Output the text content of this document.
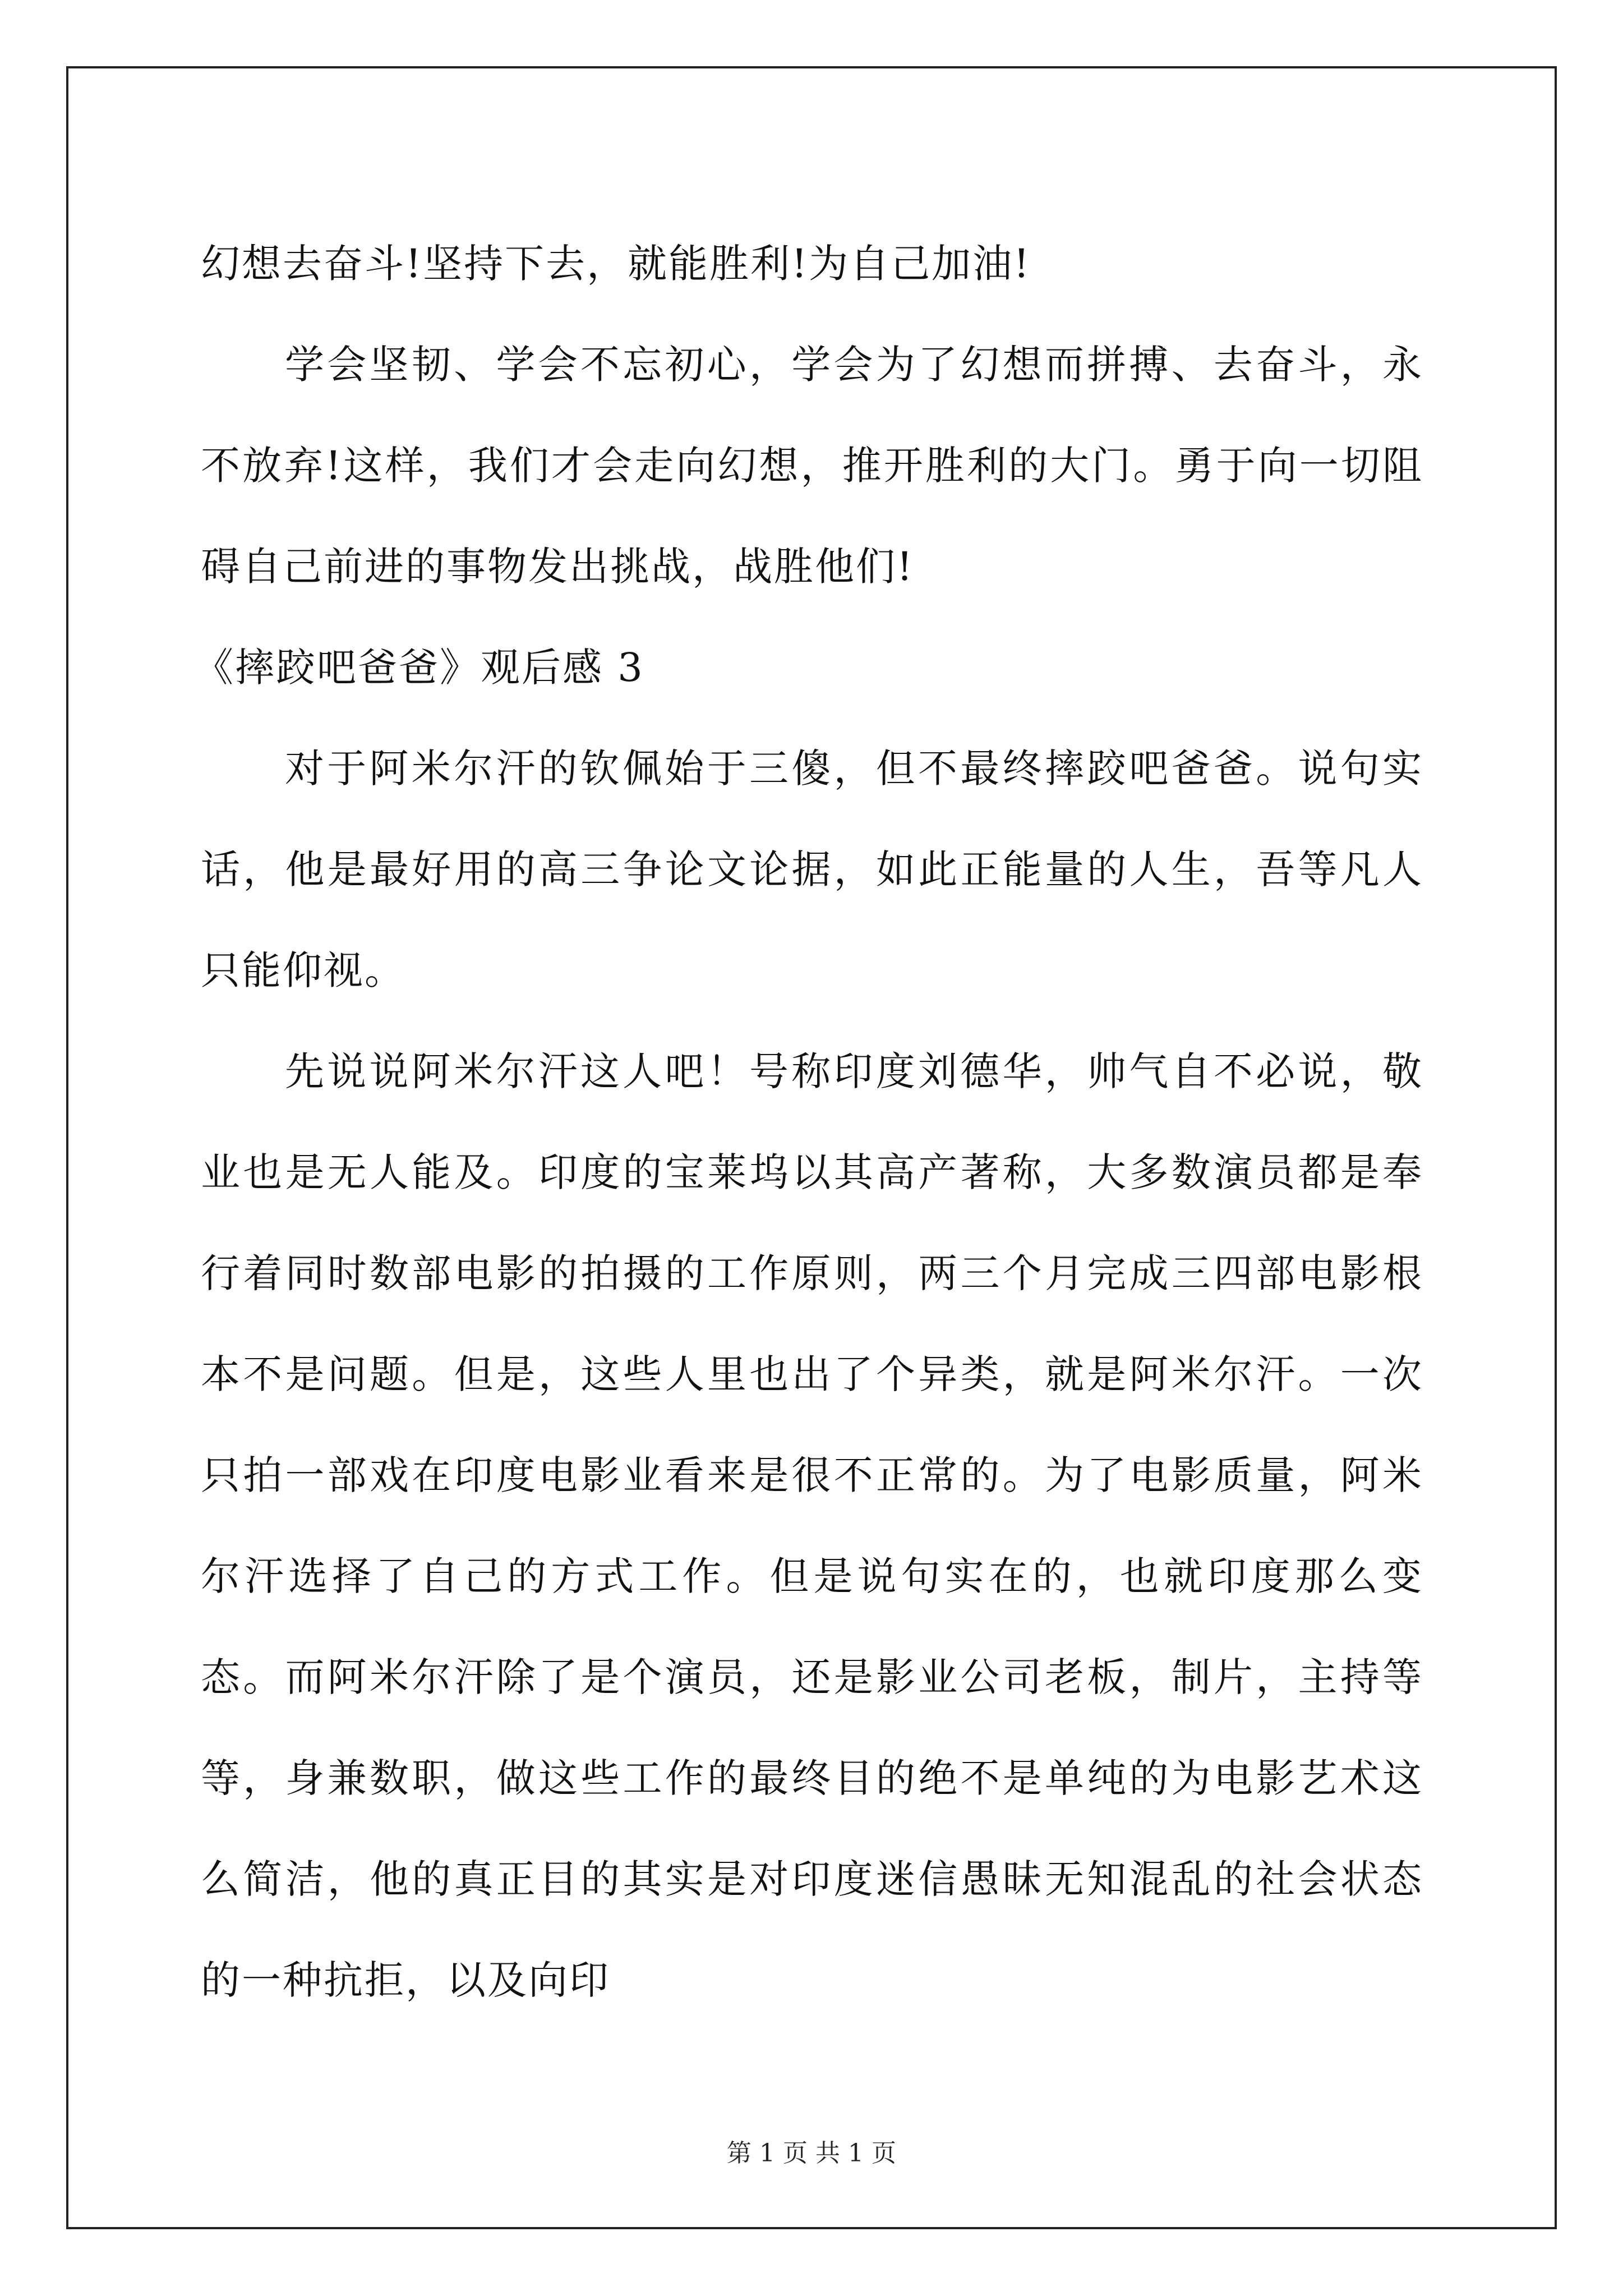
幻想去奋斗!坚持下去，就能胜利!为自己加油!

学会坚韧、学会不忘初心，学会为了幻想而拼搏、去奋斗，永不放弃!这样，我们才会走向幻想，推开胜利的大门。勇于向一切阻碍自己前进的事物发出挑战，战胜他们!

《摔跤吧爸爸》观后感 3

对于阿米尔汗的钦佩始于三傻，但不最终摔跤吧爸爸。说句实话，他是最好用的高三争论文论据，如此正能量的人生，吾等凡人只能仰视。

先说说阿米尔汗这人吧！号称印度刘德华，帅气自不必说，敬业也是无人能及。印度的宝莱坞以其高产著称，大多数演员都是奉行着同时数部电影的拍摄的工作原则，两三个月完成三四部电影根本不是问题。但是，这些人里也出了个异类，就是阿米尔汗。一次只拍一部戏在印度电影业看来是很不正常的。为了电影质量，阿米尔汗选择了自己的方式工作。但是说句实在的，也就印度那么变态。而阿米尔汗除了是个演员，还是影业公司老板，制片，主持等等，身兼数职，做这些工作的最终目的绝不是单纯的为电影艺术这么简洁，他的真正目的其实是对印度迷信愚昧无知混乱的社会状态的一种抗拒，以及向印

第 1 页 共 1 页
